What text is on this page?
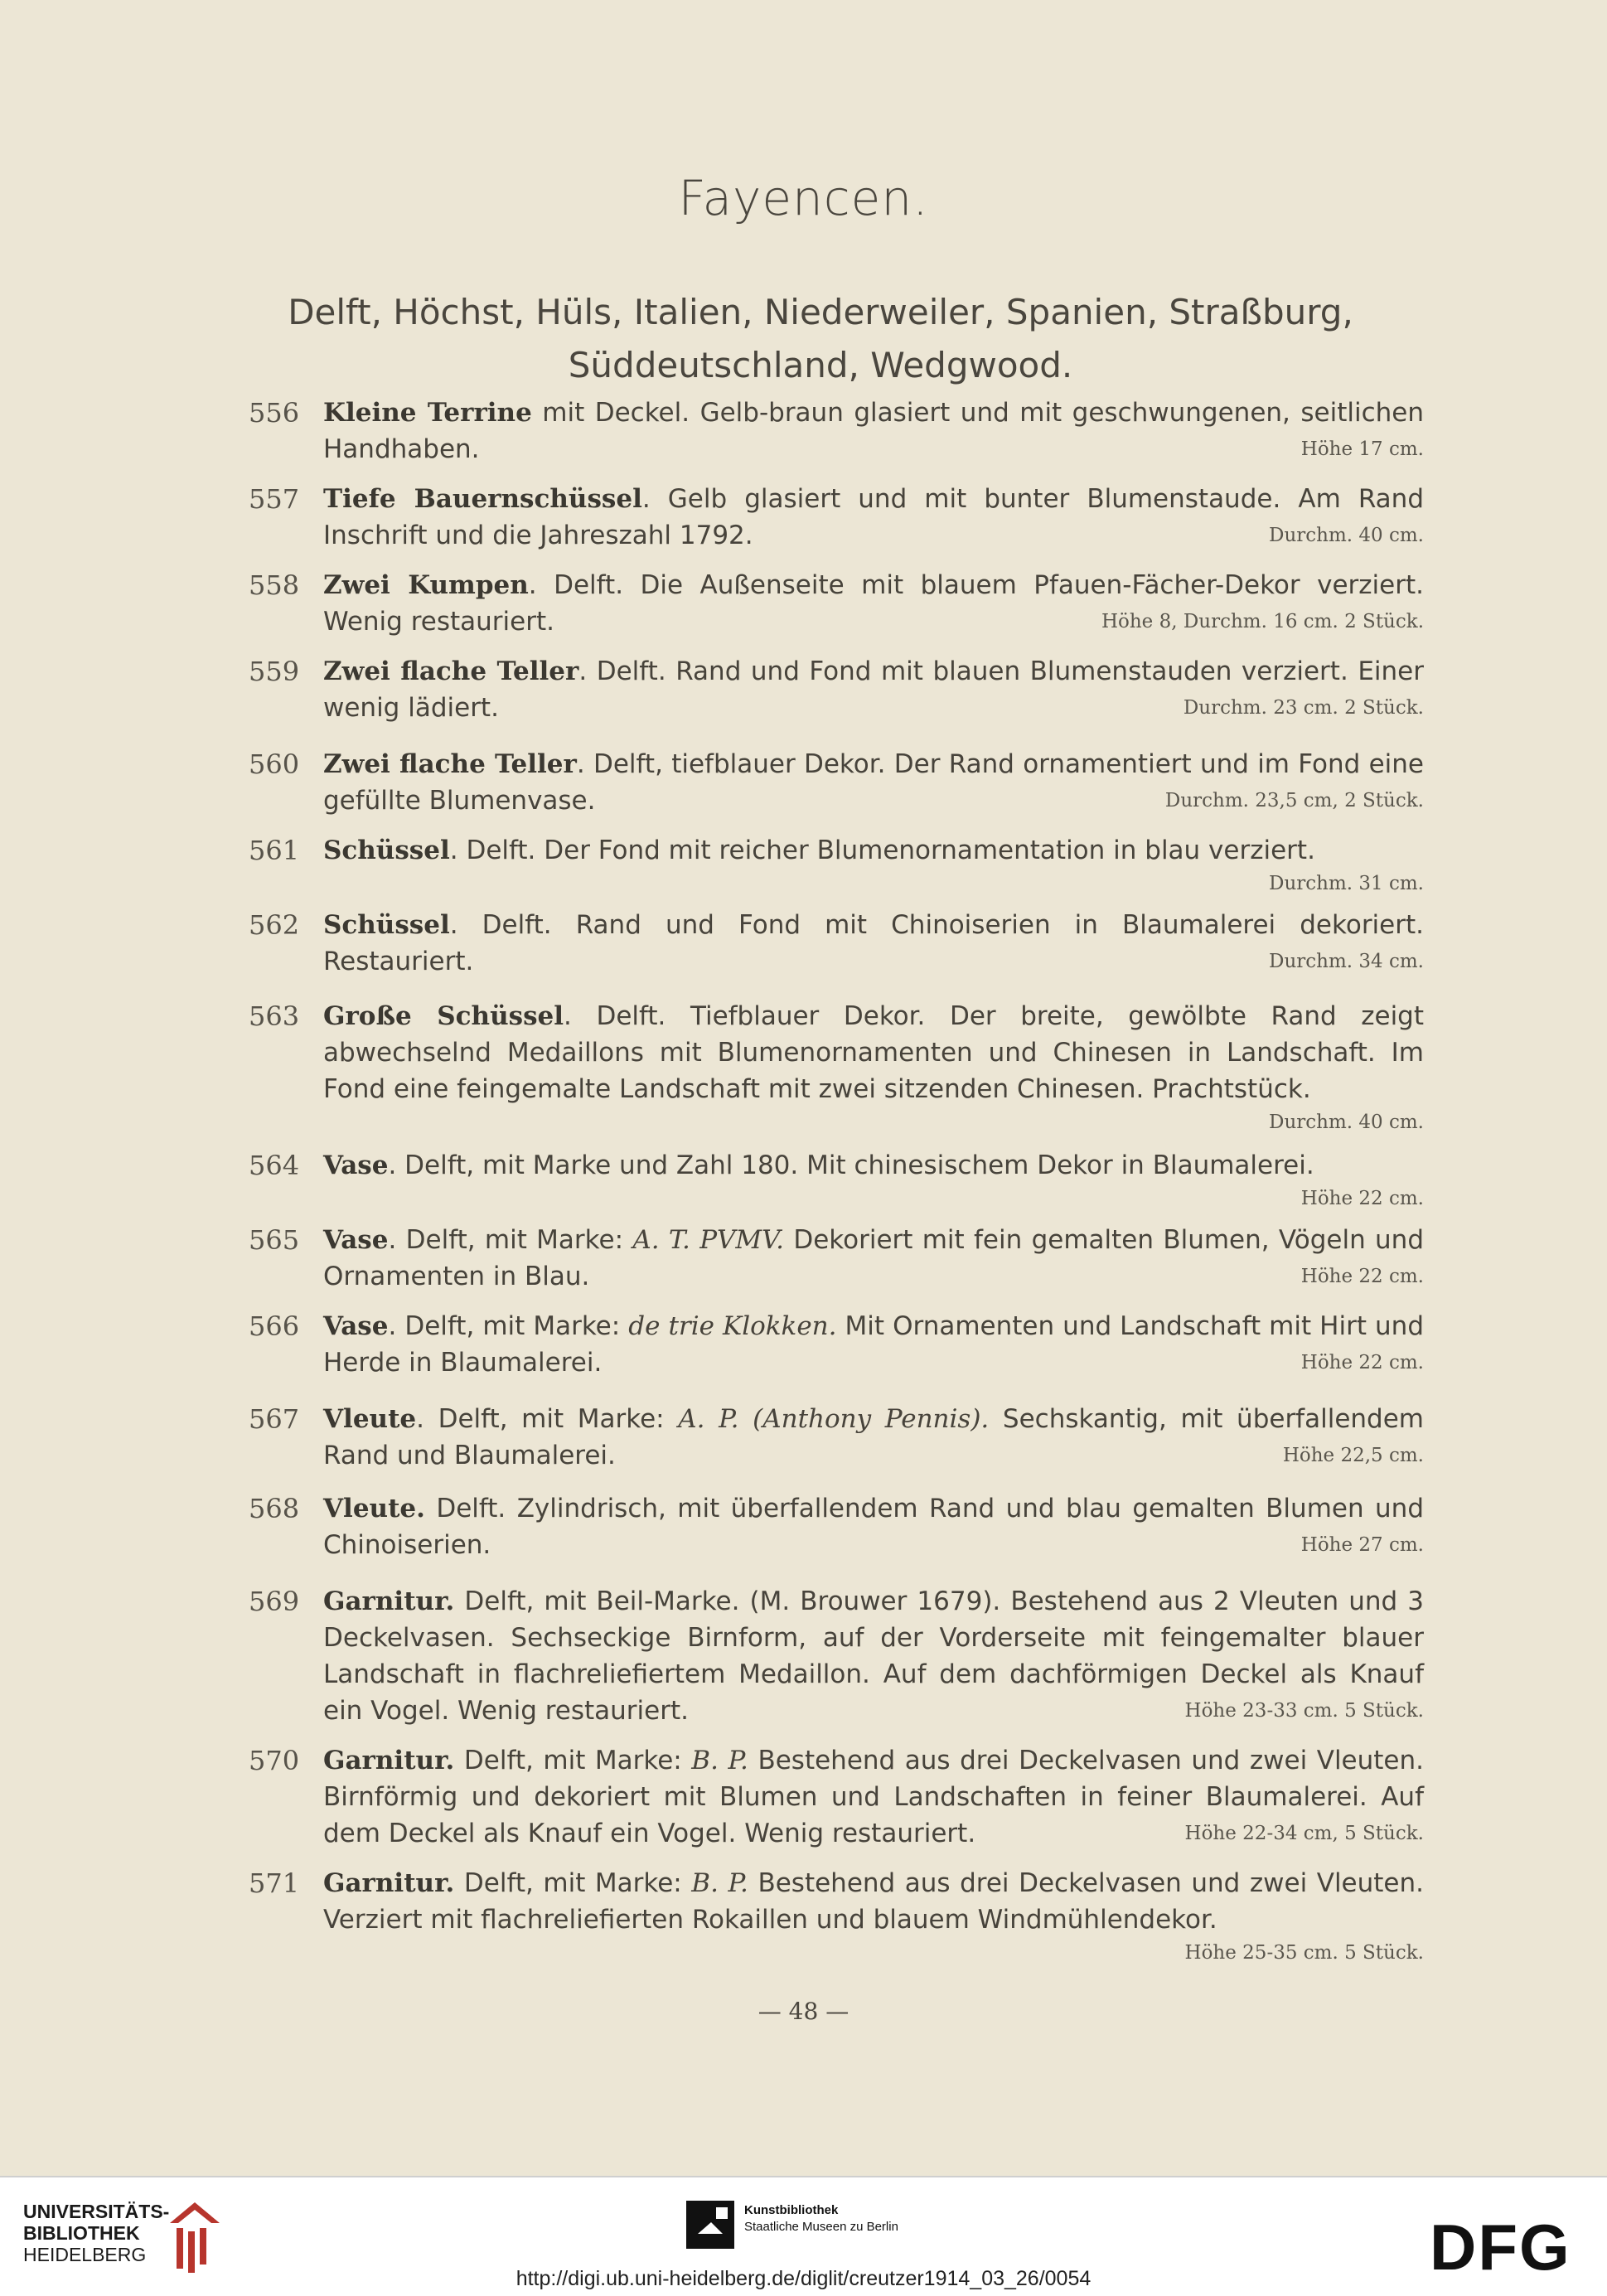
Fayencen.
Delft, Höchst, Hüls, Italien, Niederweiler, Spanien, Straßburg, Süddeutschland, Wedgwood.
556 Kleine Terrine mit Deckel. Gelb-braun glasiert und mit geschwungenen, seitlichen Handhaben.	Höhe 17 cm.
557 Tiefe Bauernschüssel. Gelb glasiert und mit bunter Blumenstaude. Am Rand Inschrift und die Jahreszahl 1792.	Durchm. 40 cm.
558 Zwei Kumpen. Delft. Die Außenseite mit blauem Pfauen-Fächer-Dekor verziert. Wenig restauriert.	Höhe 8, Durchm. 16 cm. 2 Stück.
559 Zwei flache Teller. Delft. Rand und Fond mit blauen Blumenstauden verziert. Einer wenig lädiert.	Durchm. 23 cm. 2 Stück.
560 Zwei flache Teller. Delft, tiefblauer Dekor. Der Rand ornamentiert und im Fond eine gefüllte Blumenvase.	Durchm. 23,5 cm, 2 Stück.
561 Schüssel. Delft. Der Fond mit reicher Blumenornamentation in blau verziert.
Durchm. 31 cm.
562 Schüssel. Delft. Rand und Fond mit Chinoiserien in Blaumalerei dekoriert. Restauriert.	Durchm. 34 cm.
563 Große Schüssel. Delft. Tiefblauer Dekor. Der breite, gewölbte Rand zeigt abwechselnd Medaillons mit Blumenornamenten und Chinesen in Landschaft. Im Fond eine feingemalte Landschaft mit zwei sitzenden Chinesen. Prachtstück.
Durchm. 40 cm.
564 Vase. Delft, mit Marke und Zahl 180. Mit chinesischem Dekor in Blaumalerei.
Höhe 22 cm.
565 Vase. Delft, mit Marke: A. T. PVMV. Dekoriert mit fein gemalten Blumen, Vögeln und Ornamenten in Blau.	Höhe 22 cm.
566 Vase. Delft, mit Marke: de trie Klokken. Mit Ornamenten und Landschaft mit Hirt und Herde in Blaumalerei.	Höhe 22 cm.
567 Vleute. Delft, mit Marke: A. P. (Anthony Pennis). Sechskantig, mit überfallendem Rand und Blaumalerei.	Höhe 22,5 cm.
568 Vleute. Delft. Zylindrisch, mit überfallendem Rand und blau gemalten Blumen und Chinoiserien.	Höhe 27 cm.
569 Garnitur. Delft, mit Beil-Marke. (M. Brouwer 1679). Bestehend aus 2 Vleuten und 3 Deckelvasen. Sechseckige Birnform, auf der Vorderseite mit feingemalter blauer Landschaft in flachreliefiertem Medaillon. Auf dem dachförmigen Deckel als Knauf ein Vogel. Wenig restauriert.	Höhe 23-33 cm. 5 Stück.
570 Garnitur. Delft, mit Marke: B. P. Bestehend aus drei Deckelvasen und zwei Vleuten. Birnförmig und dekoriert mit Blumen und Landschaften in feiner Blaumalerei. Auf dem Deckel als Knauf ein Vogel. Wenig restauriert.	Höhe 22-34 cm, 5 Stück.
571 Garnitur. Delft, mit Marke: B. P. Bestehend aus drei Deckelvasen und zwei Vleuten. Verziert mit flachreliefierten Rokaillen und blauem Windmühlendekor.
Höhe 25-35 cm. 5 Stück.
— 48 —
UNIVERSITÄTS-
BIBLIOTHEK
HEIDELBERG
Kunstbibliothek
Staatliche Museen zu Berlin	DFG
http://digi.ub.uni-heidelberg.de/diglit/creutzer1914_03_26/0054
